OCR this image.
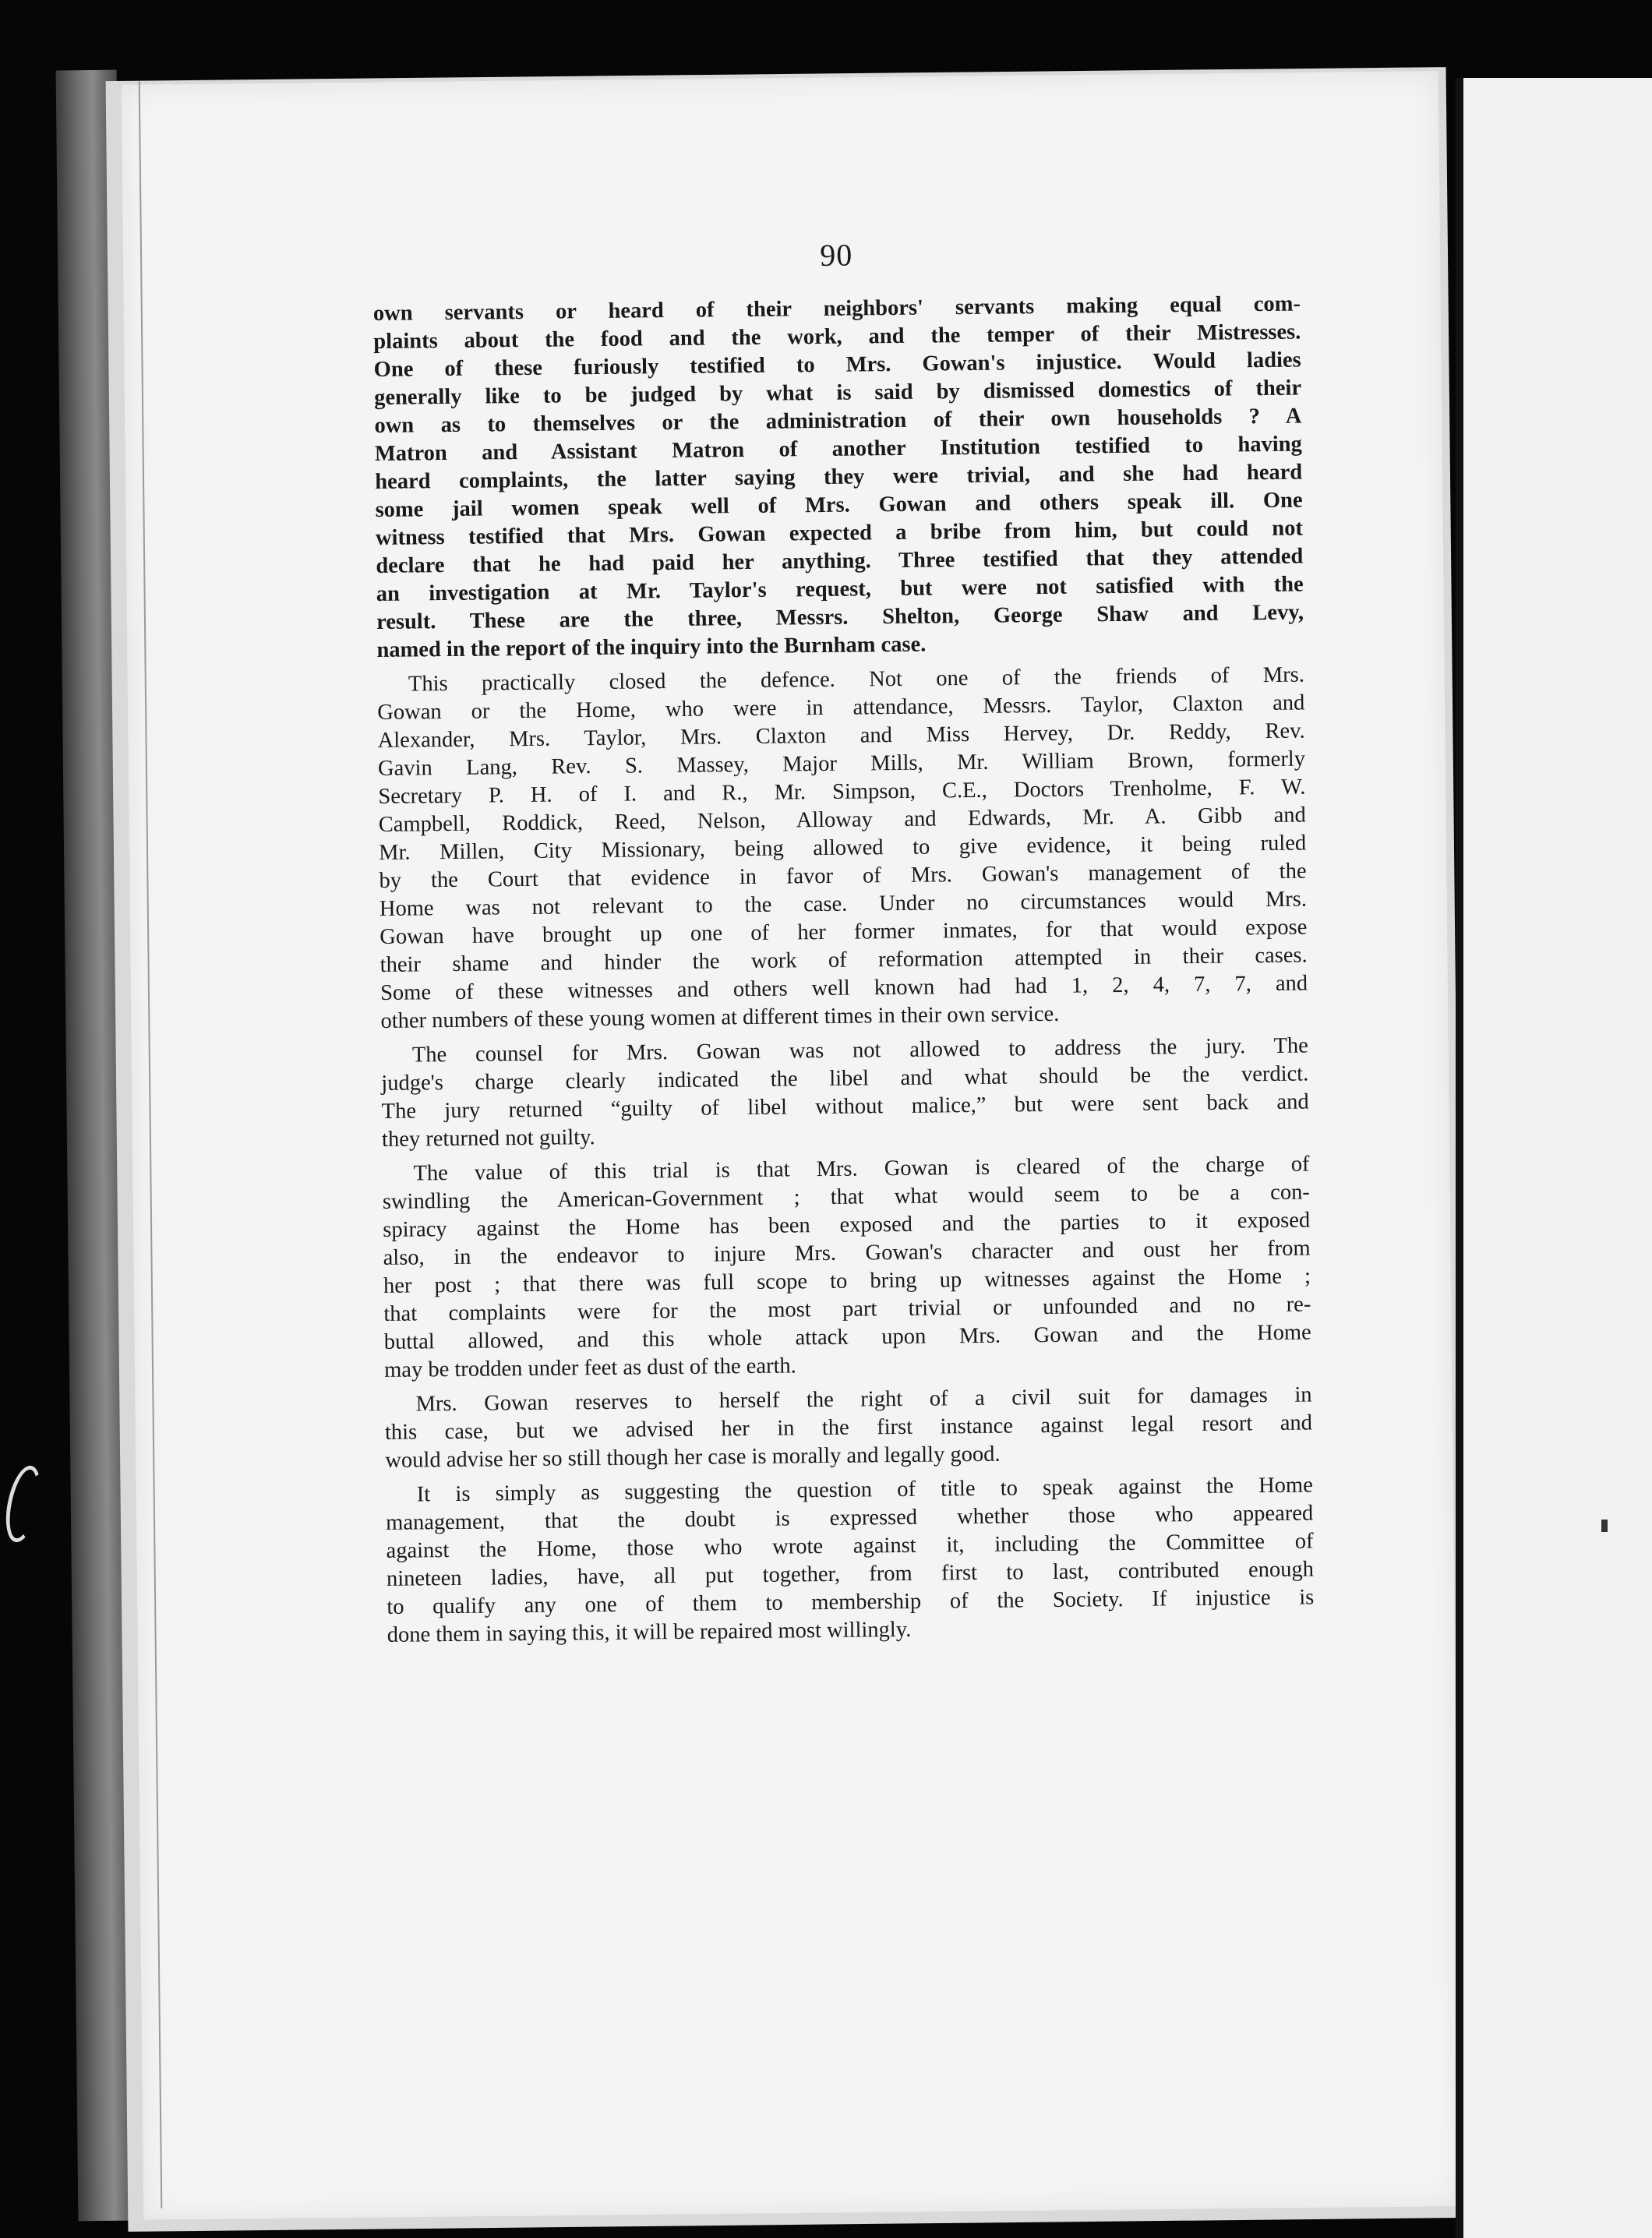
90
own servants or heard of their neighbors' servants making equal com-
plaints about the food and the work, and the temper of their Mistresses.
One of these furiously testified to Mrs. Gowan's injustice. Would ladies
generally like to be judged by what is said by dismissed domestics of their
own as to themselves or the administration of their own households ? A
Matron and Assistant Matron of another Institution testified to having
heard complaints, the latter saying they were trivial, and she had heard
some jail women speak well of Mrs. Gowan and others speak ill. One
witness testified that Mrs. Gowan expected a bribe from him, but could not
declare that he had paid her anything. Three testified that they attended
an investigation at Mr. Taylor's request, but were not satisfied with the
result. These are the three, Messrs. Shelton, George Shaw and Levy,
named in the report of the inquiry into the Burnham case.
This practically closed the defence. Not one of the friends of Mrs.
Gowan or the Home, who were in attendance, Messrs. Taylor, Claxton and
Alexander, Mrs. Taylor, Mrs. Claxton and Miss Hervey, Dr. Reddy, Rev.
Gavin Lang, Rev. S. Massey, Major Mills, Mr. William Brown, formerly
Secretary P. H. of I. and R., Mr. Simpson, C.E., Doctors Trenholme, F. W.
Campbell, Roddick, Reed, Nelson, Alloway and Edwards, Mr. A. Gibb and
Mr. Millen, City Missionary, being allowed to give evidence, it being ruled
by the Court that evidence in favor of Mrs. Gowan's management of the
Home was not relevant to the case. Under no circumstances would Mrs.
Gowan have brought up one of her former inmates, for that would expose
their shame and hinder the work of reformation attempted in their cases.
Some of these witnesses and others well known had had 1, 2, 4, 7, 7, and
other numbers of these young women at different times in their own service.
The counsel for Mrs. Gowan was not allowed to address the jury. The
judge's charge clearly indicated the libel and what should be the verdict.
The jury returned “guilty of libel without malice,” but were sent back and
they returned not guilty.
The value of this trial is that Mrs. Gowan is cleared of the charge of
swindling the American-Government ; that what would seem to be a con-
spiracy against the Home has been exposed and the parties to it exposed
also, in the endeavor to injure Mrs. Gowan's character and oust her from
her post ; that there was full scope to bring up witnesses against the Home ;
that complaints were for the most part trivial or unfounded and no re-
buttal allowed, and this whole attack upon Mrs. Gowan and the Home
may be trodden under feet as dust of the earth.
Mrs. Gowan reserves to herself the right of a civil suit for damages in
this case, but we advised her in the first instance against legal resort and
would advise her so still though her case is morally and legally good.
It is simply as suggesting the question of title to speak against the Home
management, that the doubt is expressed whether those who appeared
against the Home, those who wrote against it, including the Committee of
nineteen ladies, have, all put together, from first to last, contributed enough
to qualify any one of them to membership of the Society. If injustice is
done them in saying this, it will be repaired most willingly.
